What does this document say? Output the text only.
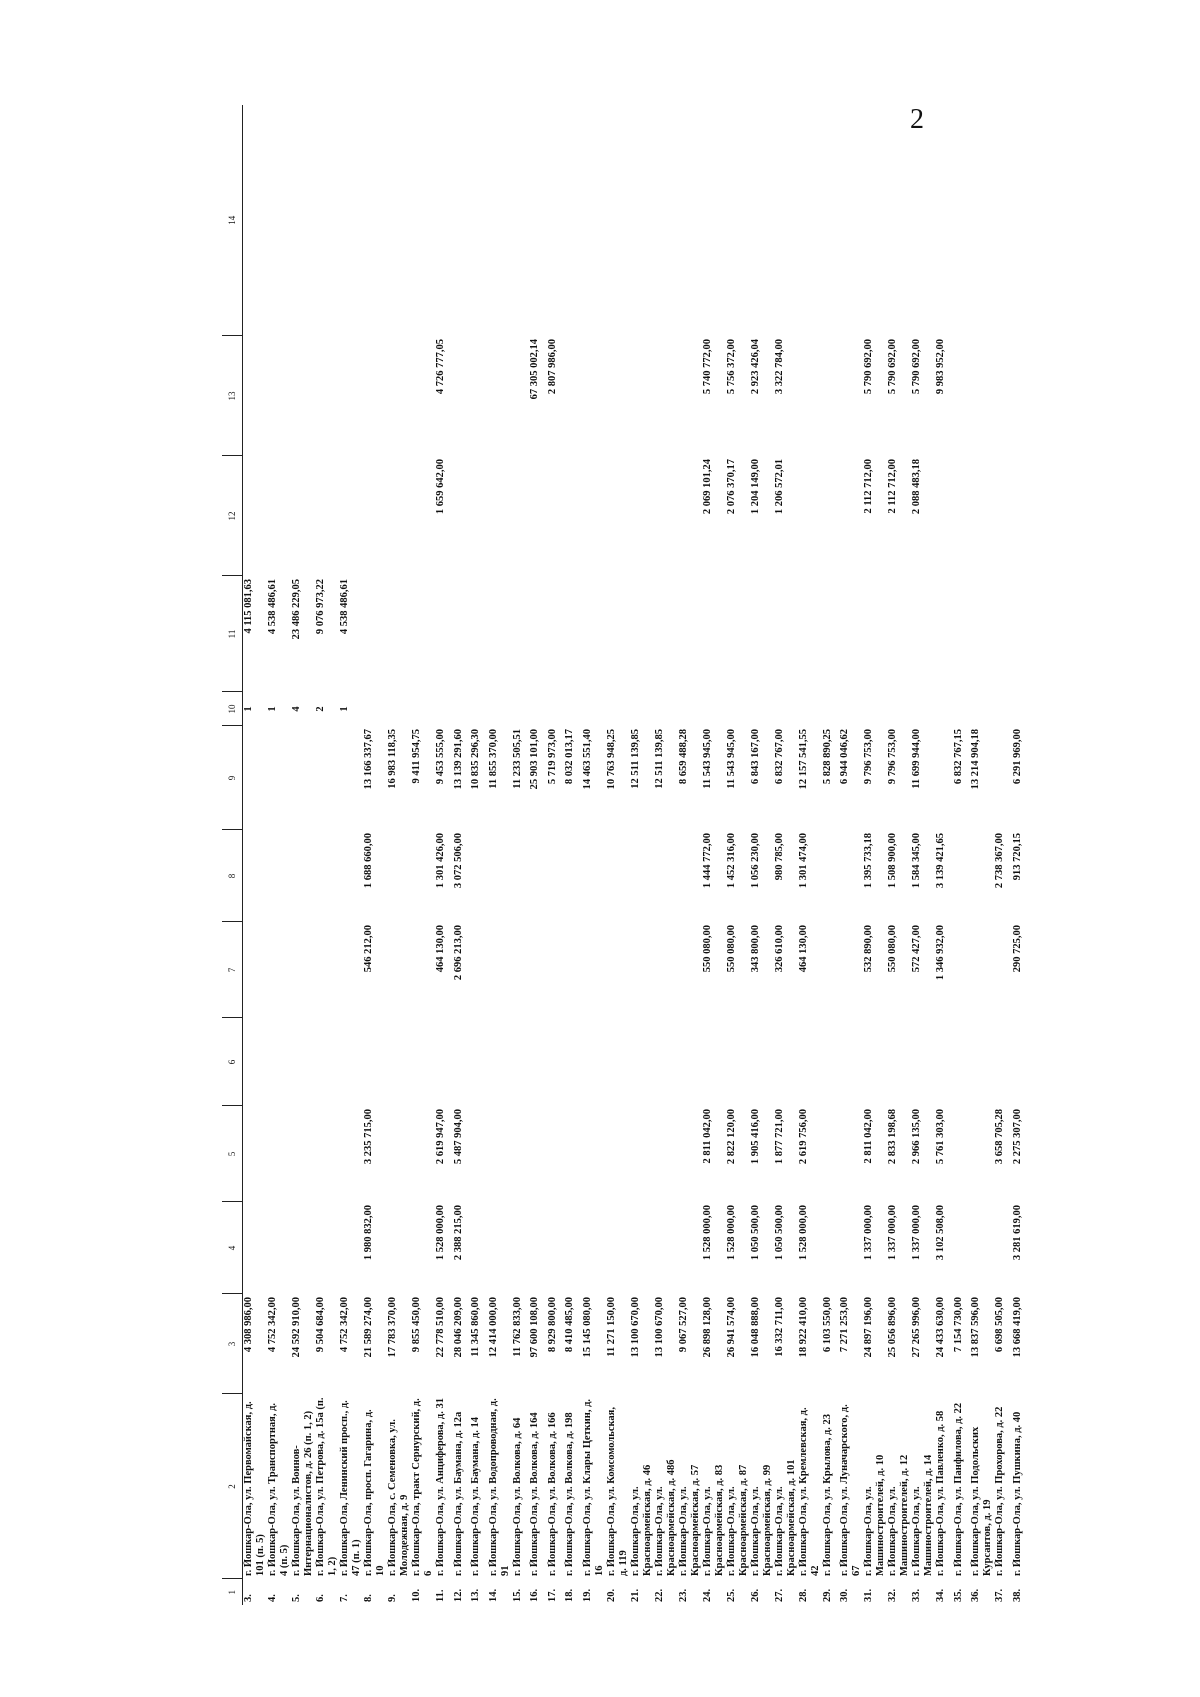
2
1	2	3	4	5	6	7	8	9	10	11	12	13	14
3.	г. Йошкар-Ола, ул. Первомайская, д. 101 (п. 5)	4 308 986,00							1	4 115 081,63			
4.	г. Йошкар-Ола, ул. Транспортная, д. 4 (п. 5)	4 752 342,00							1	4 538 486,61			
5.	г. Йошкар-Ола, ул. Воинов-Интернационалистов, д. 26 (п. 1, 2)	24 592 910,00							4	23 486 229,05			
6.	г. Йошкар-Ола, ул. Петрова, д. 15а (п. 1, 2)	9 504 684,00							2	9 076 973,22			
7.	г. Йошкар-Ола, Ленинский просп., д. 47 (п. 1)	4 752 342,00							1	4 538 486,61			
8.	г. Йошкар-Ола, просп. Гагарина, д. 10	21 589 274,00	1 980 832,00	3 235 715,00		546 212,00	1 688 660,00	13 166 337,67					
9.	г. Йошкар-Ола, с. Семеновка, ул. Молодежная, д. 9	17 783 370,00						16 983 118,35					
10.	г. Йошкар-Ола, тракт Сернурский, д. 6	9 855 450,00						9 411 954,75					
11.	г. Йошкар-Ола, ул. Анциферова, д. 31	22 778 510,00	1 528 000,00	2 619 947,00		464 130,00	1 301 426,00	9 453 555,00			1 659 642,00	4 726 777,05	
12.	г. Йошкар-Ола, ул. Баумана, д. 12а	28 046 209,00	2 388 215,00	5 487 904,00		2 696 213,00	3 072 506,00	13 139 291,60					
13.	г. Йошкар-Ола, ул. Баумана, д. 14	11 345 860,00						10 835 296,30					
14.	г. Йошкар-Ола, ул. Водопроводная, д. 91	12 414 000,00						11 855 370,00					
15.	г. Йошкар-Ола, ул. Волкова, д. 64	11 762 833,00						11 233 505,51					
16.	г. Йошкар-Ола, ул. Волкова, д. 164	97 600 108,00						25 903 101,00				67 305 002,14	
17.	г. Йошкар-Ола, ул. Волкова, д. 166	8 929 800,00						5 719 973,00				2 807 986,00	
18.	г. Йошкар-Ола, ул. Волкова, д. 198	8 410 485,00						8 032 013,17					
19.	г. Йошкар-Ола, ул. Клары Цеткин, д. 16	15 145 080,00						14 463 551,40					
20.	г. Йошкар-Ола, ул. Комсомольская, д. 119	11 271 150,00						10 763 948,25					
21.	г. Йошкар-Ола, ул. Красноармейская, д. 46	13 100 670,00						12 511 139,85					
22.	г. Йошкар-Ола, ул. Красноармейская, д. 48б	13 100 670,00						12 511 139,85					
23.	г. Йошкар-Ола, ул. Красноармейская, д. 57	9 067 527,00						8 659 488,28					
24.	г. Йошкар-Ола, ул. Красноармейская, д. 83	26 898 128,00	1 528 000,00	2 811 042,00		550 080,00	1 444 772,00	11 543 945,00			2 069 101,24	5 740 772,00	
25.	г. Йошкар-Ола, ул. Красноармейская, д. 87	26 941 574,00	1 528 000,00	2 822 120,00		550 080,00	1 452 316,00	11 543 945,00			2 076 370,17	5 756 372,00	
26.	г. Йошкар-Ола, ул. Красноармейская, д. 99	16 048 888,00	1 050 500,00	1 905 416,00		343 800,00	1 056 230,00	6 843 167,00			1 204 149,00	2 923 426,04	
27.	г. Йошкар-Ола, ул. Красноармейская, д. 101	16 332 711,00	1 050 500,00	1 877 721,00		326 610,00	980 785,00	6 832 767,00			1 206 572,01	3 322 784,00	
28.	г. Йошкар-Ола, ул. Кремлевская, д. 42	18 922 410,00	1 528 000,00	2 619 756,00		464 130,00	1 301 474,00	12 157 541,55					
29.	г. Йошкар-Ола, ул. Крылова, д. 23	6 103 550,00						5 828 890,25					
30.	г. Йошкар-Ола, ул. Луначарского, д. 67	7 271 253,00						6 944 046,62					
31.	г. Йошкар-Ола, ул. Машиностроителей, д. 10	24 897 196,00	1 337 000,00	2 811 042,00		532 890,00	1 395 733,18	9 796 753,00			2 112 712,00	5 790 692,00	
32.	г. Йошкар-Ола, ул. Машиностроителей, д. 12	25 056 896,00	1 337 000,00	2 833 198,68		550 080,00	1 508 900,00	9 796 753,00			2 112 712,00	5 790 692,00	
33.	г. Йошкар-Ола, ул. Машиностроителей, д. 14	27 265 996,00	1 337 000,00	2 966 135,00		572 427,00	1 584 345,00	11 699 944,00			2 088 483,18	5 790 692,00	
34.	г. Йошкар-Ола, ул. Павленко, д. 58	24 433 630,00	3 102 508,00	5 761 303,00		1 346 932,00	3 139 421,65					9 983 952,00	
35.	г. Йошкар-Ола, ул. Панфилова, д. 22	7 154 730,00						6 832 767,15					
36.	г. Йошкар-Ола, ул. Подольских Курсантов, д. 19	13 837 596,00						13 214 904,18					
37.	г. Йошкар-Ола, ул. Прохорова, д. 22	6 698 505,00		3 658 705,28			2 738 367,00						
38.	г. Йошкар-Ола, ул. Пушкина, д. 40	13 668 419,00	3 281 619,00	2 275 307,00		290 725,00	913 720,15	6 291 969,00					
